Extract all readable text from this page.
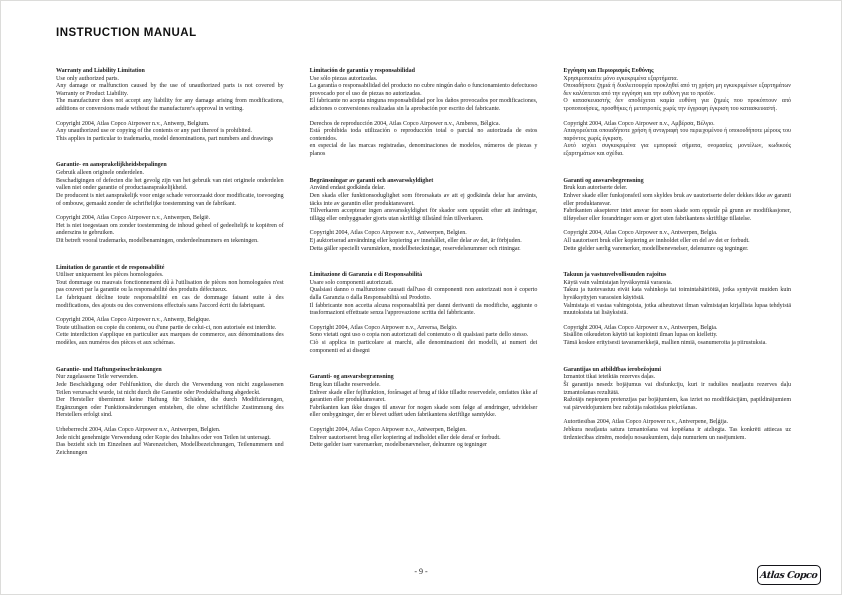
INSTRUCTION MANUAL
Warranty and Liability Limitation

Use only authorized parts.

Any damage or malfunction caused by the use of unauthorized parts is not covered by Warranty or Product Liability.

The manufacturer does not accept any liability for any damage arising from modifications, additions or conversions made without the manufacturer's approval in writing.

Copyright 2004, Atlas Copco Airpower n.v., Antwerp, Belgium.

Any unauthorized use or copying of the contents or any part thereof is prohibited.

This applies in particular to trademarks, model denominations, part numbers and drawings

Garantie- en aansprakelijkheidsbepalingen

Gebruik alleen originele onderdelen.

Beschadigingen of defecten die het gevolg zijn van het gebruik van niet originele onderdelen vallen niet onder garantie of productaansprakelijkheid.

De producent is niet aansprakelijk voor enige schade veroorzaakt door modificatie, toevoeging of ombouw, gemaakt zonder de schriftelijke toestemming van de fabrikant.

Copyright 2004, Atlas Copco Airpower n.v., Antwerpen, België.

Het is niet toegestaan om zonder toestemming de inhoud geheel of gedeeltelijk te kopiëren of anderszins te gebruiken.

Dit betreft vooral trademarks, modelbenamingen, onderdeelnummers en tekeningen.

Limitation de garantie et de responsabilité

Utiliser uniquement les pièces homologuées.

Tout dommage ou mauvais fonctionnement dû à l'utilisation de pièces non homologuées n'est pas couvert par la garantie ou la responsabilité des produits défectueux.

Le fabriquant décline toute responsabilité en cas de dommage faisant suite à des modifications, des ajouts ou des conversions effectués sans l'accord écrit du fabriquant.

Copyright 2004, Atlas Copco Airpower n.v., Antwerp, Belgique.

Toute utilisation ou copie du contenu, ou d'une partie de celui-ci, non autorisée est interdite.

Cette interdiction s'applique en particulier aux marques de commerce, aux dénominations des modèles, aux numéros des pièces et aux schémas.

Garantie- und Haftungseinschränkungen

Nur zugelassene Teile verwenden.

Jede Beschädigung oder Fehlfunktion, die durch die Verwendung von nicht zugelassenen Teilen verursacht wurde, ist nicht durch die Garantie oder Produkthaftung abgedeckt.

Der Hersteller übernimmt keine Haftung für Schäden, die durch Modifizierungen, Ergänzungen oder Funktionsänderungen entstehen, die ohne schriftliche Zustimmung des Herstellers erfolgt sind.

Urheberrecht 2004, Atlas Copco Airpower n.v., Antwerpen, Belgien.

Jede nicht genehmigte Verwendung oder Kopie des Inhaltes oder von Teilen ist untersagt.

Das bezieht sich im Einzelnen auf Warenzeichen, Modellbezeichnungen, Teilenummern und Zeichnungen

Limitación de garantía y responsabilidad

Use sólo piezas autorizadas.

La garantía o responsabilidad del producto no cubre ningún daño o funcionamiento defectuoso provocado por el uso de piezas no autorizadas.

El fabricante no acepta ninguna responsabilidad por los daños provocados por modificaciones, adiciones o conversiones realizadas sin la aprobación por escrito del fabricante.

Derechos de reproducción 2004, Atlas Copco Airpower n.v., Amberes, Bélgica.

Está prohibida toda utilización o reproducción total o parcial no autorizada de estos contenidos.

en especial de las marcas registradas, denominaciones de modelos, números de piezas y planos

Begränsningar av garanti och ansvarsskyldighet

Använd endast godkända delar.

Den skada eller funktionsoduglighet som förorsakats av att ej godkända delar har använts, täcks inte av garantin eller produktansvaret.

Tillverkaren accepterar ingen ansvarsskyldighet för skador som uppstått efter att ändringar, tillägg eller ombyggnader gjorts utan skriftligt tillstånd från tillverkaren.

Copyright 2004, Atlas Copco Airpower n.v., Antwerpen, Belgien.

Ej auktoriserad användning eller kopiering av innehållet, eller delar av det, är förbjuden.

Detta gäller speciellt varumärken, modellbeteckningar, reservdelsnummer och ritningar.

Limitazione di Garanzia e di Responsabilità

Usare solo componenti autorizzati.

Qualsiasi danno o malfunzione causati dall'uso di componenti non autorizzati non è coperto dalla Garanzia o dalla Responsabilità sul Prodotto.

Il fabbricante non accetta alcuna responsabilità per danni derivanti da modifiche, aggiunte o trasformazioni effettuate senza l'approvazione scritta del fabbricante.

Copyright 2004, Atlas Copco Airpower n.v., Anversa, Belgio.

Sono vietati ogni uso o copia non autorizzati del contenuto o di qualsiasi parte dello stesso.

Ciò si applica in particolare ai marchi, alle denominazioni dei modelli, ai numeri dei componenti ed ai disegni

Garanti- og ansvarsbegrænsning

Brug kun tilladte reservedele.

Enhver skade eller fejlfunktion, forårsaget af brug af ikke tilladte reservedele, omfattes ikke af garantien eller produktansvaret.

Fabrikanten kan ikke drages til ansvar for nogen skade som følge af ændringer, udvidelser eller ombygninger, der er blevet udført uden fabrikantens skriftlige samtykke.

Copyright 2004, Atlas Copco Airpower n.v., Antwerpen, Belgien.

Enhver uautoriseret brug eller kopiering af indholdet eller dele deraf er forbudt.

Dette gælder især varemærker, modelbenævnelser, delnumre og tegninger

Εγγύηση και Περιορισμός Ευθύνης

Χρησιμοποιείτε μόνο εγκεκριμένα εξαρτήματα.

Οποιαδήποτε ζημιά ή δυσλειτουργία προκληθεί από τη χρήση μη εγκεκριμένων εξαρτημάτων δεν καλύπτεται από την εγγύηση και την ευθύνη για το προϊόν.

Ο κατασκευαστής δεν αποδέχεται καμία ευθύνη για ζημιές που προκύπτουν από τροποποιήσεις, προσθήκες ή μετατροπές χωρίς την έγγραφη έγκριση του κατασκευαστή.

Copyright 2004, Atlas Copco Airpower n.v., Αμβέρσα, Βέλγιο.

Απαγορεύεται οποιαδήποτε χρήση ή αντιγραφή του περιεχομένου ή οποιουδήποτε μέρους του παρόντος χωρίς έγκριση.

Αυτό ισχύει συγκεκριμένα για εμπορικά σήματα, ονομασίες μοντέλων, κωδικούς εξαρτημάτων και σχέδια.

Garanti og ansvarsbegrensning

Bruk kun autoriserte deler.

Enhver skade eller funksjonsfeil som skyldes bruk av uautoriserte deler dekkes ikke av garanti eller produktansvar.

Fabrikanten aksepterer intet ansvar for noen skade som oppstår på grunn av modifikasjoner, tilføyelser eller forandringer som er gjort uten fabrikantens skriftlige tillatelse.

Copyright 2004, Atlas Copco Airpower n.v., Antwerpen, Belgia.

All uautorisert bruk eller kopiering av innholdet eller en del av det er forbudt.

Dette gjelder særlig varemerker, modellbenevnelser, delenumre og tegninger.

Takuun ja vastuuvelvollisuuden rajoitus

Käytä vain valmistajan hyväksymiä varaosia.

Takuu ja tuotevastuu eivät kata vahinkoja tai toimintahäiriöitä, jotka syntyvät muiden kuin hyväksyttyjen varaosien käytöstä.

Valmistaja ei vastaa vahingoista, jotka aiheutuvat ilman valmistajan kirjallista lupaa tehdyistä muutoksista tai lisäyksistä.

Copyright 2004, Atlas Copco Airpower n.v., Antwerpen, Belgia.

Sisällön oikeudeton käyttö tai kopiointi ilman lupaa on kielletty.

Tämä koskee erityisesti tavaramerkkejä, mallien nimiä, osanumeroita ja piirustuksia.

Garantijas un atbildības ierobežojumi

Izmantot tikai ieteiktās rezerves daļas.

Šī garantija nesedz bojājumus vai disfunkciju, kuri ir radušies neatļautu rezerves daļu izmantošanas rezultātā.

Ražotājs nepieņem pretenzijas par bojājumiem, kas izriet no modifikācijām, papildinājumiem vai pārveidojumiem bez ražotāja rakstiskas piekrišanas.

Autortiesības 2004, Atlas Copco Airpower n.v., Antverpene, Beļģija.

Jebkura neatļauta satura izmantošana vai kopēšana ir aizliegta. Tas konkrēti attiecas uz tirdzniecības zīmēm, modeļu nosaukumiem, daļu numuriem un rasējumiem.

- 9 -	Atlas Copco
